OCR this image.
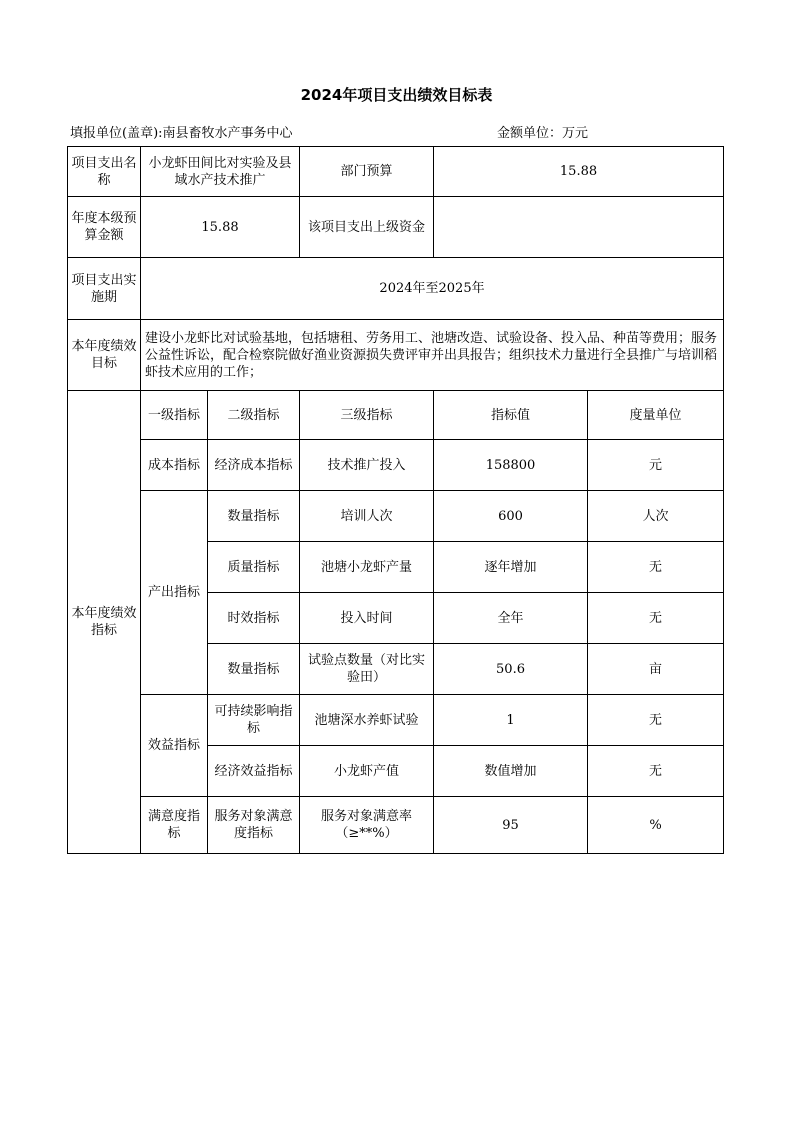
2024年项目支出绩效目标表
填报单位(盖章):南县畜牧水产事务中心	金额单位：万元
项目支出名称	小龙虾田间比对实验及县域水产技术推广		部门预算	15.88	
年度本级预算金额	15.88		该项目支出上级资金		
项目支出实施期	2024年至2025年				
本年度绩效目标	建设小龙虾比对试验基地，包括塘租、劳务用工、池塘改造、试验设备、投入品、种苗等费用；服务公益性诉讼，配合检察院做好渔业资源损失费评审并出具报告；组织技术力量进行全县推广与培训稻虾技术应用的工作；				
本年度绩效指标	一级指标	二级指标	三级指标	指标值	度量单位
	成本指标	经济成本指标	技术推广投入	158800	元
	产出指标	数量指标	培训人次	600	人次
		质量指标	池塘小龙虾产量	逐年增加	无
		时效指标	投入时间	全年	无
		数量指标	试验点数量（对比实验田）	50.6	亩
	效益指标	可持续影响指标	池塘深水养虾试验	1	无
		经济效益指标	小龙虾产值	数值增加	无
	满意度指标	服务对象满意度指标	服务对象满意率（≥**%）	95	%
